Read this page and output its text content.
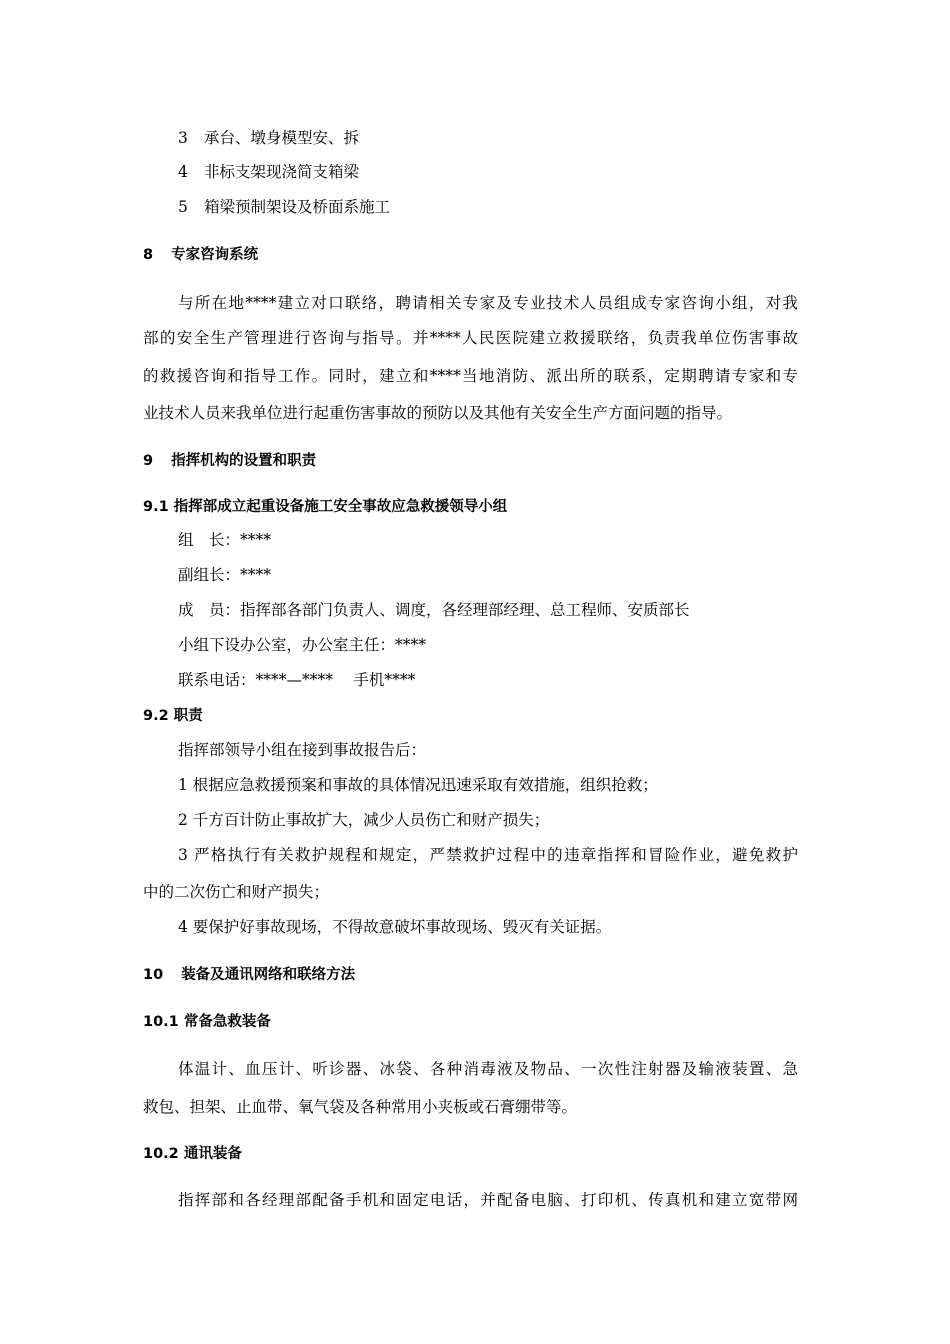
3 承台、墩身模型安、拆
4 非标支架现浇简支箱梁
5 箱梁预制架设及桥面系施工
8 专家咨询系统
与所在地****建立对口联络，聘请相关专家及专业技术人员组成专家咨询小组，对我
部的安全生产管理进行咨询与指导。并****人民医院建立救援联络，负责我单位伤害事故
的救援咨询和指导工作。同时，建立和****当地消防、派出所的联系，定期聘请专家和专
业技术人员来我单位进行起重伤害事故的预防以及其他有关安全生产方面问题的指导。
9 指挥机构的设置和职责
9.1 指挥部成立起重设备施工安全事故应急救援领导小组
组　长：****
副组长：****
成　员：指挥部各部门负责人、调度，各经理部经理、总工程师、安质部长
小组下设办公室，办公室主任：****
联系电话：****—****　 手机****
9.2 职责
指挥部领导小组在接到事故报告后：
1 根据应急救援预案和事故的具体情况迅速采取有效措施，组织抢救；
2 千方百计防止事故扩大，减少人员伤亡和财产损失；
3 严格执行有关救护规程和规定，严禁救护过程中的违章指挥和冒险作业，避免救护
中的二次伤亡和财产损失；
4 要保护好事故现场，不得故意破坏事故现场、毁灭有关证据。
10 装备及通讯网络和联络方法
10.1 常备急救装备
体温计、血压计、听诊器、冰袋、各种消毒液及物品、一次性注射器及输液装置、急
救包、担架、止血带、氧气袋及各种常用小夹板或石膏绷带等。
10.2 通讯装备
指挥部和各经理部配备手机和固定电话，并配备电脑、打印机、传真机和建立宽带网
